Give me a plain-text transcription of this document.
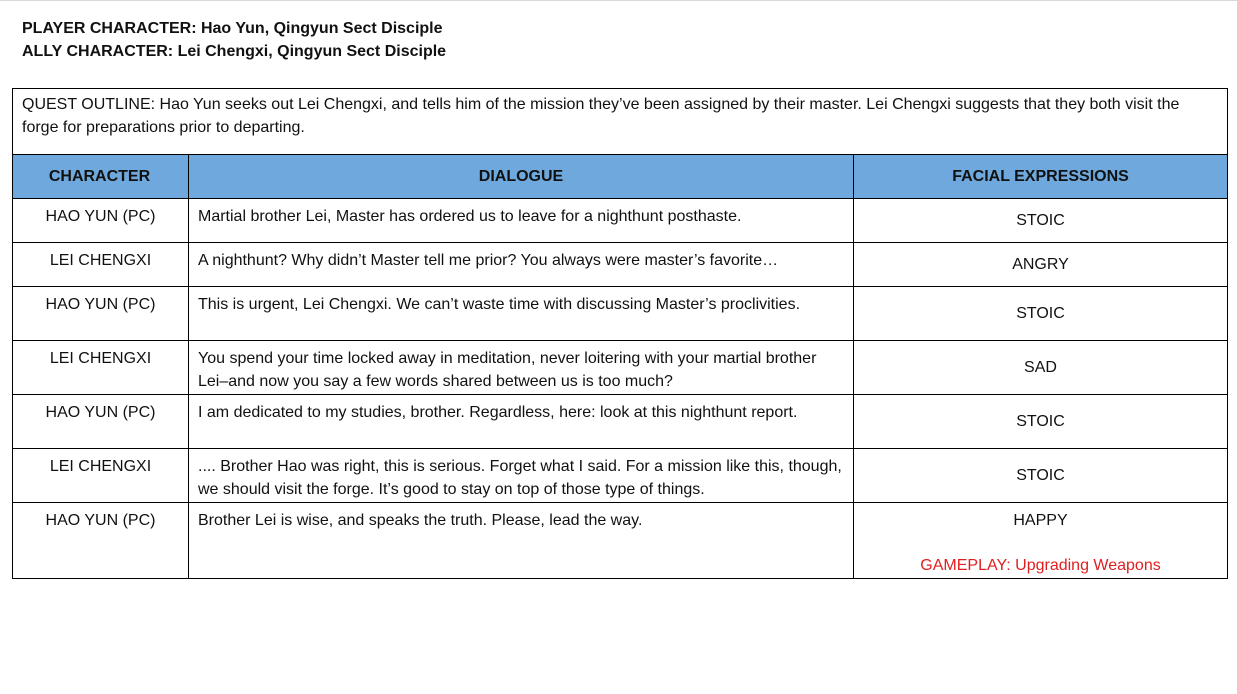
PLAYER CHARACTER: Hao Yun, Qingyun Sect Disciple
ALLY CHARACTER: Lei Chengxi, Qingyun Sect Disciple
QUEST OUTLINE: Hao Yun seeks out Lei Chengxi, and tells him of the mission they’ve been assigned by their master. Lei Chengxi suggests that they both visit the forge for preparations prior to departing.		
CHARACTER	DIALOGUE	FACIAL EXPRESSIONS
HAO YUN (PC)	Martial brother Lei, Master has ordered us to leave for a nighthunt posthaste.	STOIC
LEI CHENGXI	A nighthunt? Why didn’t Master tell me prior? You always were master’s favorite…	ANGRY
HAO YUN (PC)	This is urgent, Lei Chengxi. We can’t waste time with discussing Master’s proclivities.	STOIC
LEI CHENGXI	You spend your time locked away in meditation, never loitering with your martial brother Lei–and now you say a few words shared between us is too much?	SAD
HAO YUN (PC)	I am dedicated to my studies, brother. Regardless, here: look at this nighthunt report.	STOIC
LEI CHENGXI	.... Brother Hao was right, this is serious. Forget what I said. For a mission like this, though, we should visit the forge. It’s good to stay on top of those type of things.	STOIC
HAO YUN (PC)	Brother Lei is wise, and speaks the truth. Please, lead the way.	HAPPY
GAMEPLAY: Upgrading Weapons
